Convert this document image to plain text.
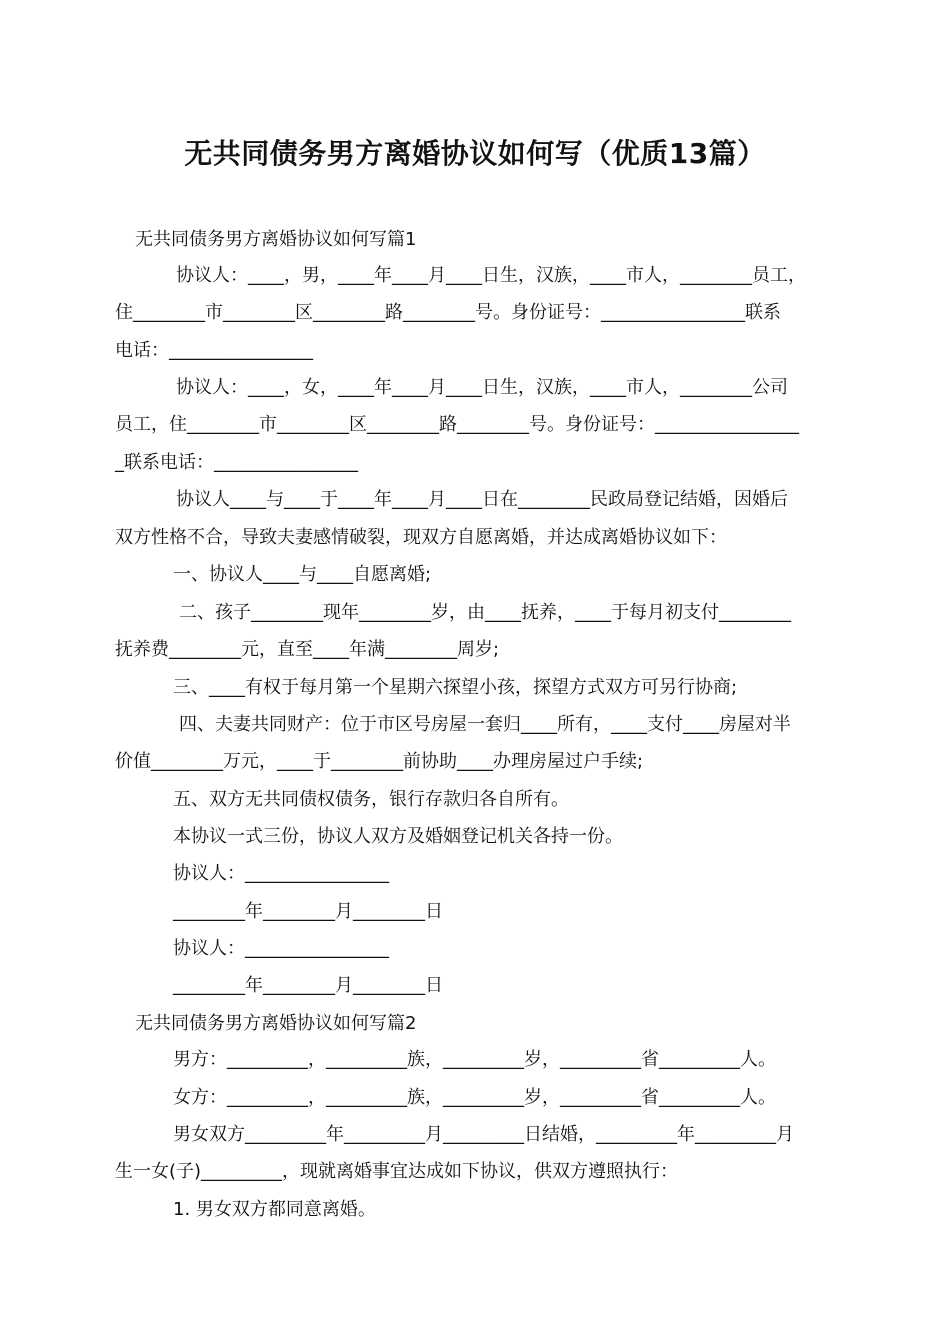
无共同债务男方离婚协议如何写（优质13篇）
无共同债务男方离婚协议如何写篇1
协议人：____，男，____年____月____日生，汉族，____市人，________员工，
住________市________区________路________号。身份证号：________________联系
电话：________________
协议人：____，女，____年____月____日生，汉族，____市人，________公司
员工，住________市________区________路________号。身份证号：________________
_联系电话：________________
协议人____与____于____年____月____日在________民政局登记结婚，因婚后
双方性格不合，导致夫妻感情破裂，现双方自愿离婚，并达成离婚协议如下：
一、协议人____与____自愿离婚;
二、孩子________现年________岁，由____抚养，____于每月初支付________
抚养费________元，直至____年满________周岁;
三、____有权于每月第一个星期六探望小孩，探望方式双方可另行协商;
四、夫妻共同财产：位于市区号房屋一套归____所有，____支付____房屋对半
价值________万元，____于________前协助____办理房屋过户手续;
五、双方无共同债权债务，银行存款归各自所有。
本协议一式三份，协议人双方及婚姻登记机关各持一份。
协议人：________________
________年________月________日
协议人：________________
________年________月________日
无共同债务男方离婚协议如何写篇2
男方：_________，_________族，_________岁，_________省_________人。
女方：_________，_________族，_________岁，_________省_________人。
男女双方_________年_________月_________日结婚，_________年_________月
生一女(子)_________，现就离婚事宜达成如下协议，供双方遵照执行：
1. 男女双方都同意离婚。
